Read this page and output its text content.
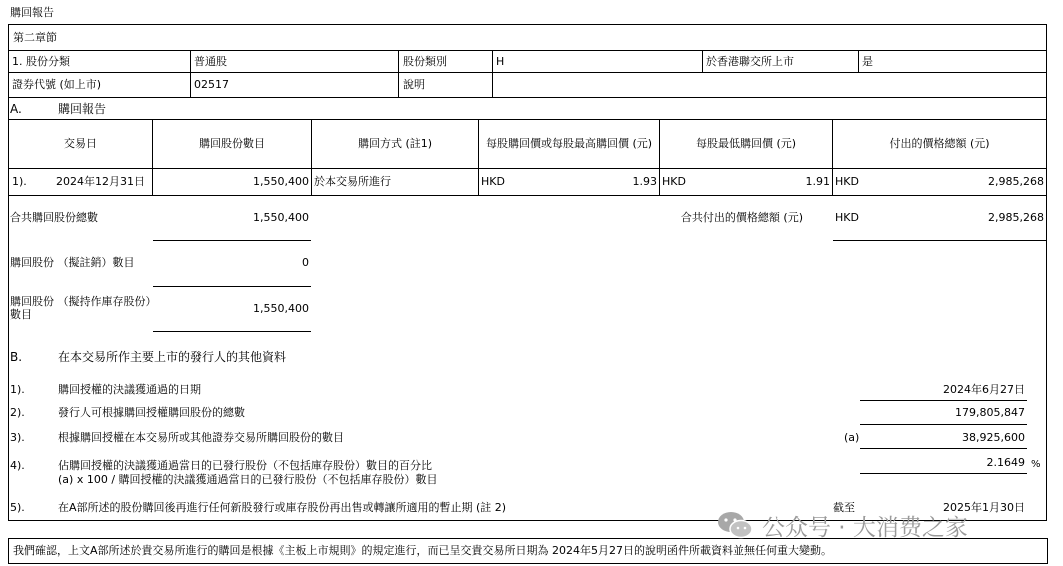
購回報告
第二章節
1. 股份分類	普通股	股份類別	H	於香港聯交所上市	是
證券代號 (如上市)	02517	說明
A.	購回報告
交易日	購回股份數目	購回方式 (註1)	每股購回價或每股最高購回價 (元)	每股最低購回價 (元)	付出的價格總額 (元)
1).	2024年12月31日	1,550,400 於本交易所進行	HKD	1.93 HKD	1.91 HKD	2,985,268
合共購回股份總數	1,550,400	合共付出的價格總額 (元)	HKD	2,985,268
購回股份 （擬註銷）數目	0
購回股份 （擬持作庫存股份）
數目	1,550,400
B.	在本交易所作主要上市的發行人的其他資料
1).	購回授權的決議獲通過的日期	2024年6月27日
2).	發行人可根據購回授權購回股份的總數	179,805,847
3).	根據購回授權在本交易所或其他證券交易所購回股份的數目	(a)	38,925,600
4).	佔購回授權的決議獲通過當日的已發行股份（不包括庫存股份）數目的百分比
(a) x 100 / 購回授權的決議獲通過當日的已發行股份（不包括庫存股份）數目
2.1649 %
5).	在A部所述的股份購回後再進行任何新股發行或庫存股份再出售或轉讓所適用的暫止期 (註 2)	截至	2025年1月30日
我們確認，上文A部所述於貴交易所進行的購回是根據《主板上市規則》的規定進行，而已呈交貴交易所日期為 2024年5月27日的說明函件所載資料並無任何重大變動。
公众号 · 大消费之家
